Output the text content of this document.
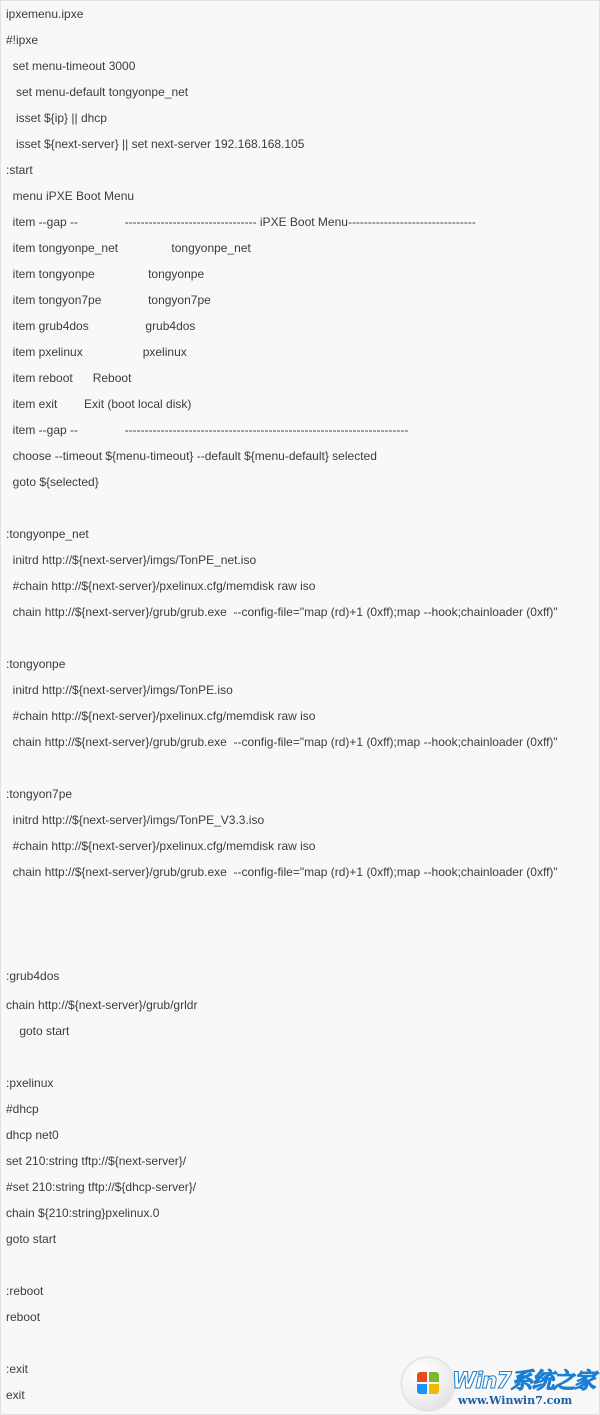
ipxemenu.ipxe
#!ipxe
set menu-timeout 3000
set menu-default tongyonpe_net
isset ${ip} || dhcp
isset ${next-server} || set next-server 192.168.168.105
:start
menu iPXE Boot Menu
item --gap --              --------------------------------- iPXE Boot Menu--------------------------------
item tongyonpe_net                tongyonpe_net
item tongyonpe                tongyonpe
item tongyon7pe              tongyon7pe
item grub4dos                 grub4dos
item pxelinux                  pxelinux
item reboot      Reboot
item exit        Exit (boot local disk)
item --gap --              -----------------------------------------------------------------------
choose --timeout ${menu-timeout} --default ${menu-default} selected
goto ${selected}
:tongyonpe_net
initrd http://${next-server}/imgs/TonPE_net.iso
#chain http://${next-server}/pxelinux.cfg/memdisk raw iso
chain http://${next-server}/grub/grub.exe  --config-file="map (rd)+1 (0xff);map --hook;chainloader (0xff)"
:tongyonpe
initrd http://${next-server}/imgs/TonPE.iso
#chain http://${next-server}/pxelinux.cfg/memdisk raw iso
chain http://${next-server}/grub/grub.exe  --config-file="map (rd)+1 (0xff);map --hook;chainloader (0xff)"
:tongyon7pe
initrd http://${next-server}/imgs/TonPE_V3.3.iso
#chain http://${next-server}/pxelinux.cfg/memdisk raw iso
chain http://${next-server}/grub/grub.exe  --config-file="map (rd)+1 (0xff);map --hook;chainloader (0xff)"
:grub4dos
chain http://${next-server}/grub/grldr
goto start
:pxelinux
#dhcp
dhcp net0
set 210:string tftp://${next-server}/
#set 210:string tftp://${dhcp-server}/
chain ${210:string}pxelinux.0
goto start
:reboot
reboot
:exit
exit
Win7系统之家
www.Winwin7.com
